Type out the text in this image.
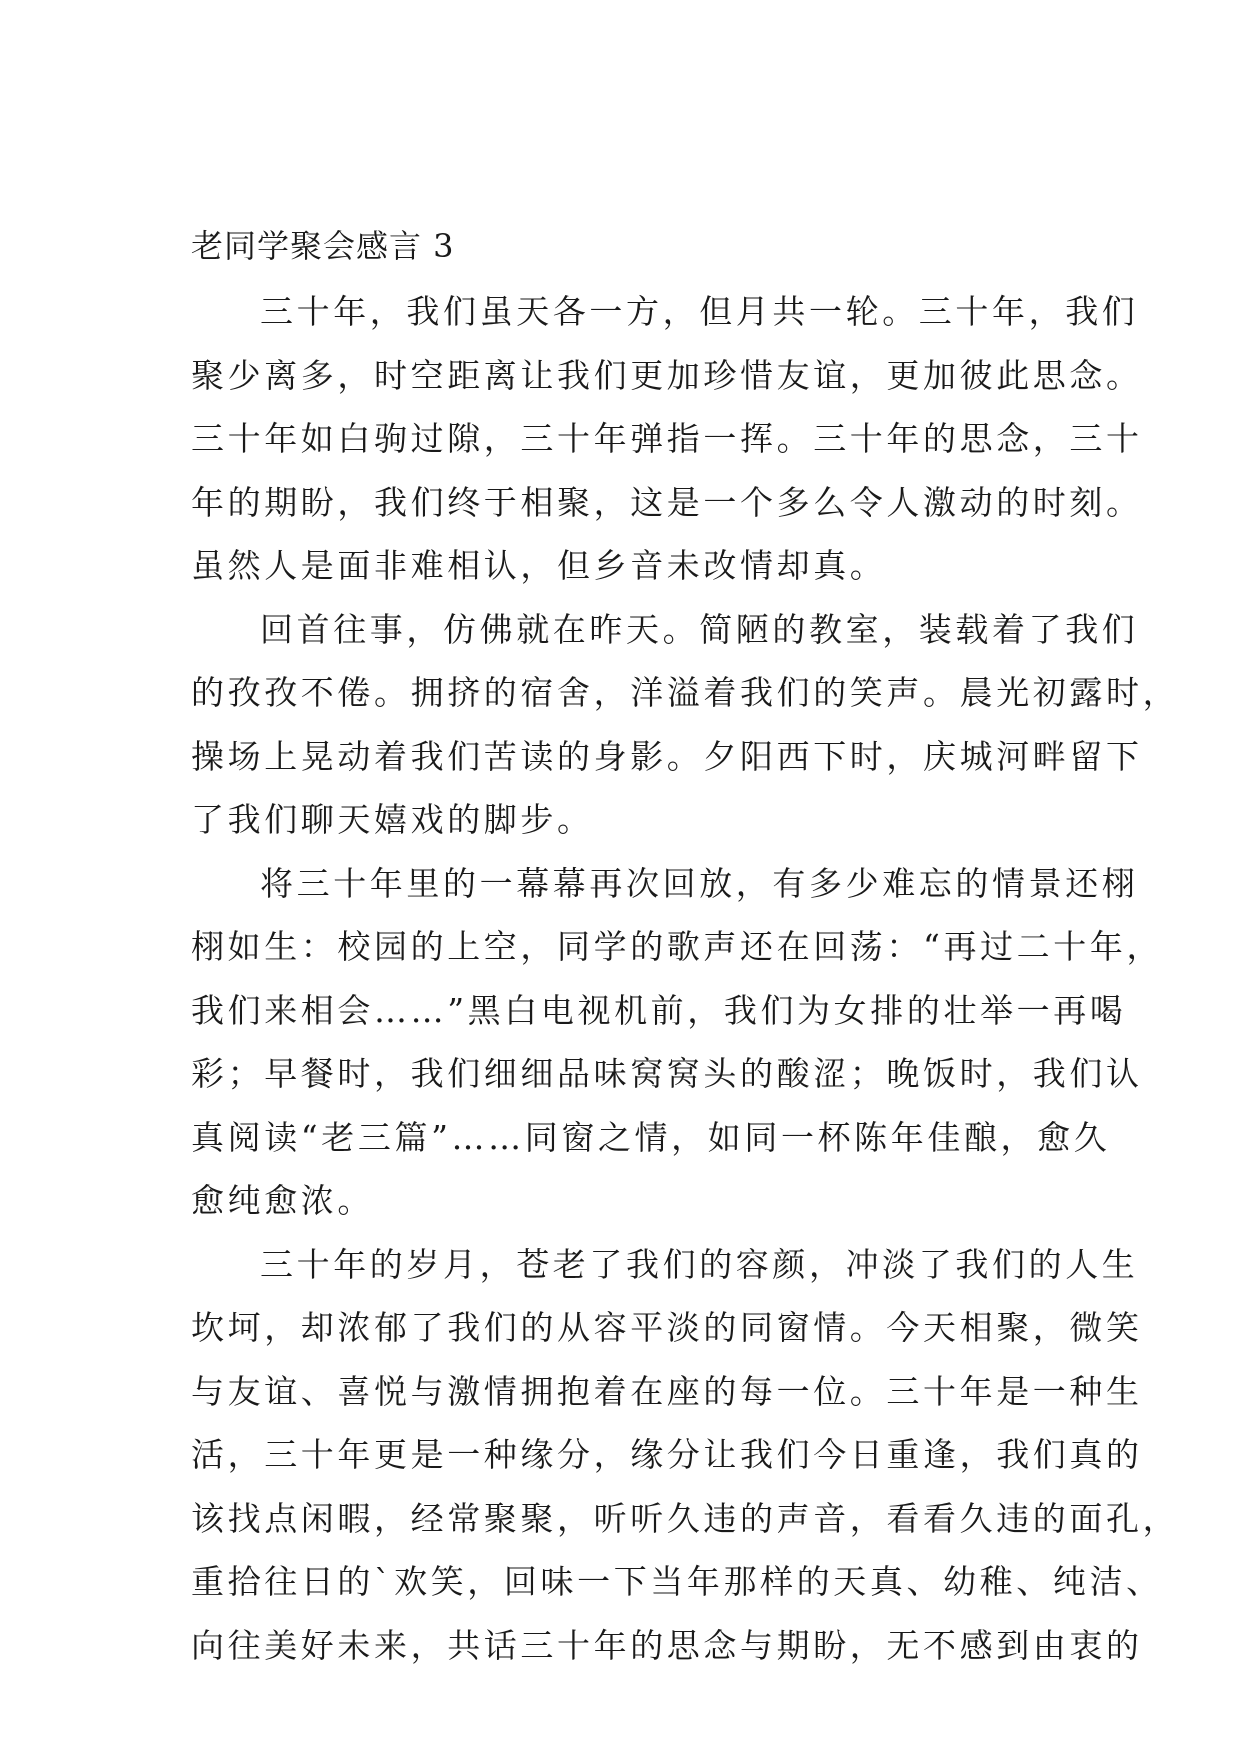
老同学聚会感言 3
三十年，我们虽天各一方，但月共一轮。三十年，我们
聚少离多，时空距离让我们更加珍惜友谊，更加彼此思念。
三十年如白驹过隙，三十年弹指一挥。三十年的思念，三十
年的期盼，我们终于相聚，这是一个多么令人激动的时刻。
虽然人是面非难相认，但乡音未改情却真。
回首往事，仿佛就在昨天。简陋的教室，装载着了我们
的孜孜不倦。拥挤的宿舍，洋溢着我们的笑声。晨光初露时，
操场上晃动着我们苦读的身影。夕阳西下时，庆城河畔留下
了我们聊天嬉戏的脚步。
将三十年里的一幕幕再次回放，有多少难忘的情景还栩
栩如生：校园的上空，同学的歌声还在回荡：“再过二十年，
我们来相会……”黑白电视机前，我们为女排的壮举一再喝
彩；早餐时，我们细细品味窝窝头的酸涩；晚饭时，我们认
真阅读“老三篇”……同窗之情，如同一杯陈年佳酿，愈久
愈纯愈浓。
三十年的岁月，苍老了我们的容颜，冲淡了我们的人生
坎坷，却浓郁了我们的从容平淡的同窗情。今天相聚，微笑
与友谊、喜悦与激情拥抱着在座的每一位。三十年是一种生
活，三十年更是一种缘分，缘分让我们今日重逢，我们真的
该找点闲暇，经常聚聚，听听久违的声音，看看久违的面孔，
重拾往日的`欢笑，回味一下当年那样的天真、幼稚、纯洁、
向往美好未来，共话三十年的思念与期盼，无不感到由衷的
